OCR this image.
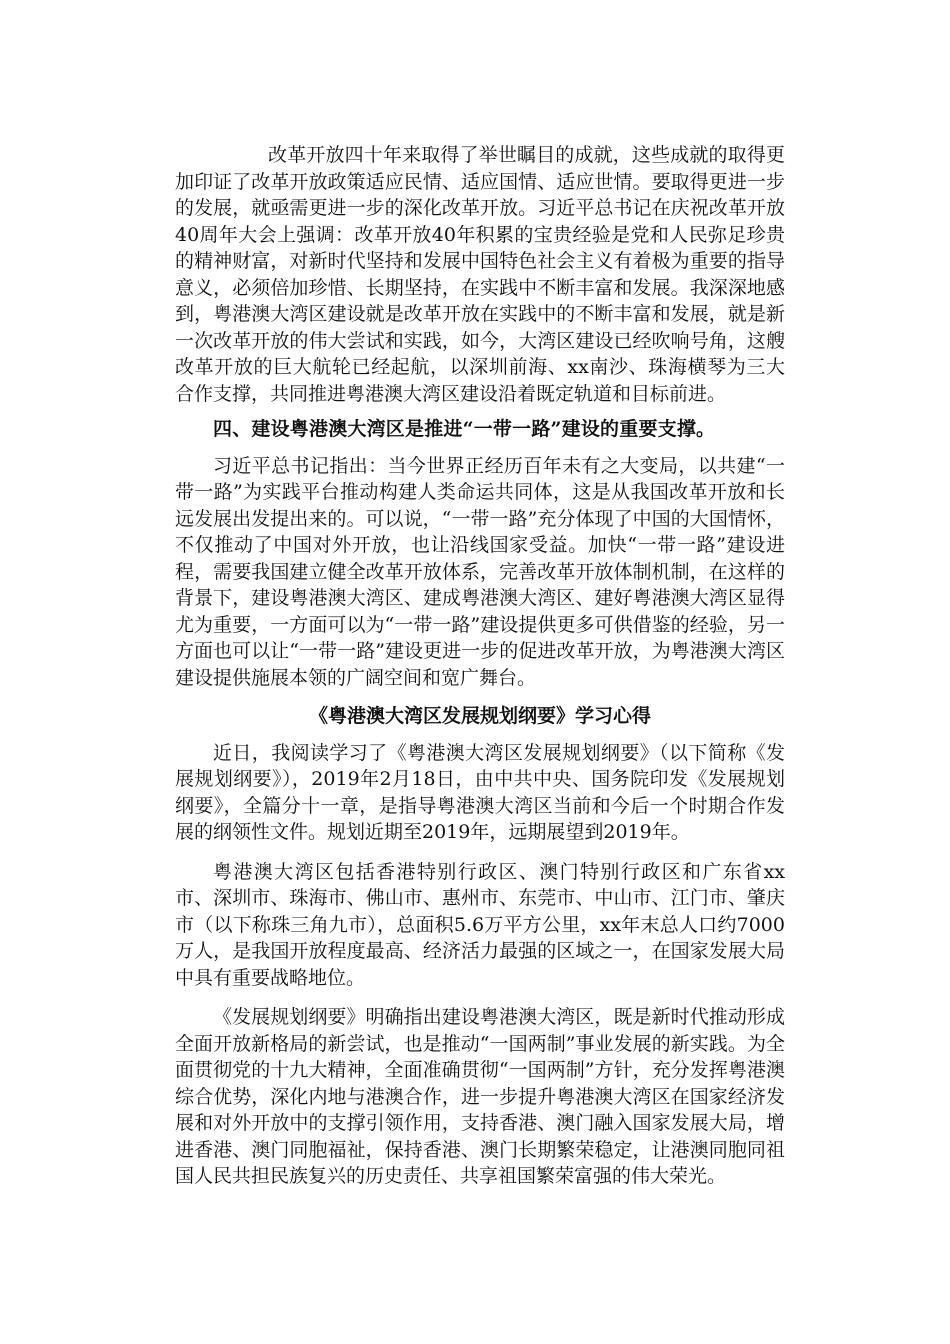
改革开放四十年来取得了举世瞩目的成就，这些成就的取得更加印证了改革开放政策适应民情、适应国情、适应世情。要取得更进一步的发展，就亟需更进一步的深化改革开放。习近平总书记在庆祝改革开放40周年大会上强调：改革开放40年积累的宝贵经验是党和人民弥足珍贵的精神财富，对新时代坚持和发展中国特色社会主义有着极为重要的指导意义，必须倍加珍惜、长期坚持，在实践中不断丰富和发展。我深深地感到，粤港澳大湾区建设就是改革开放在实践中的不断丰富和发展，就是新一次改革开放的伟大尝试和实践，如今，大湾区建设已经吹响号角，这艘改革开放的巨大航轮已经起航，以深圳前海、xx南沙、珠海横琴为三大合作支撑，共同推进粤港澳大湾区建设沿着既定轨道和目标前进。

四、建设粤港澳大湾区是推进“一带一路”建设的重要支撑。

习近平总书记指出：当今世界正经历百年未有之大变局，以共建“一带一路”为实践平台推动构建人类命运共同体，这是从我国改革开放和长远发展出发提出来的。可以说，“一带一路”充分体现了中国的大国情怀，不仅推动了中国对外开放，也让沿线国家受益。加快“一带一路”建设进程，需要我国建立健全改革开放体系，完善改革开放体制机制，在这样的背景下，建设粤港澳大湾区、建成粤港澳大湾区、建好粤港澳大湾区显得尤为重要，一方面可以为“一带一路”建设提供更多可供借鉴的经验，另一方面也可以让“一带一路”建设更进一步的促进改革开放，为粤港澳大湾区建设提供施展本领的广阔空间和宽广舞台。

《粤港澳大湾区发展规划纲要》学习心得

近日，我阅读学习了《粤港澳大湾区发展规划纲要》（以下简称《发展规划纲要》），2019年2月18日，由中共中央、国务院印发《发展规划纲要》，全篇分十一章，是指导粤港澳大湾区当前和今后一个时期合作发展的纲领性文件。规划近期至2019年，远期展望到2019年。

粤港澳大湾区包括香港特别行政区、澳门特别行政区和广东省xx市、深圳市、珠海市、佛山市、惠州市、东莞市、中山市、江门市、肇庆市（以下称珠三角九市），总面积5.6万平方公里，xx年末总人口约7000万人，是我国开放程度最高、经济活力最强的区域之一，在国家发展大局中具有重要战略地位。

《发展规划纲要》明确指出建设粤港澳大湾区，既是新时代推动形成全面开放新格局的新尝试，也是推动“一国两制”事业发展的新实践。为全面贯彻党的十九大精神，全面准确贯彻“一国两制”方针，充分发挥粤港澳综合优势，深化内地与港澳合作，进一步提升粤港澳大湾区在国家经济发展和对外开放中的支撑引领作用，支持香港、澳门融入国家发展大局，增进香港、澳门同胞福祉，保持香港、澳门长期繁荣稳定，让港澳同胞同祖国人民共担民族复兴的历史责任、共享祖国繁荣富强的伟大荣光。
